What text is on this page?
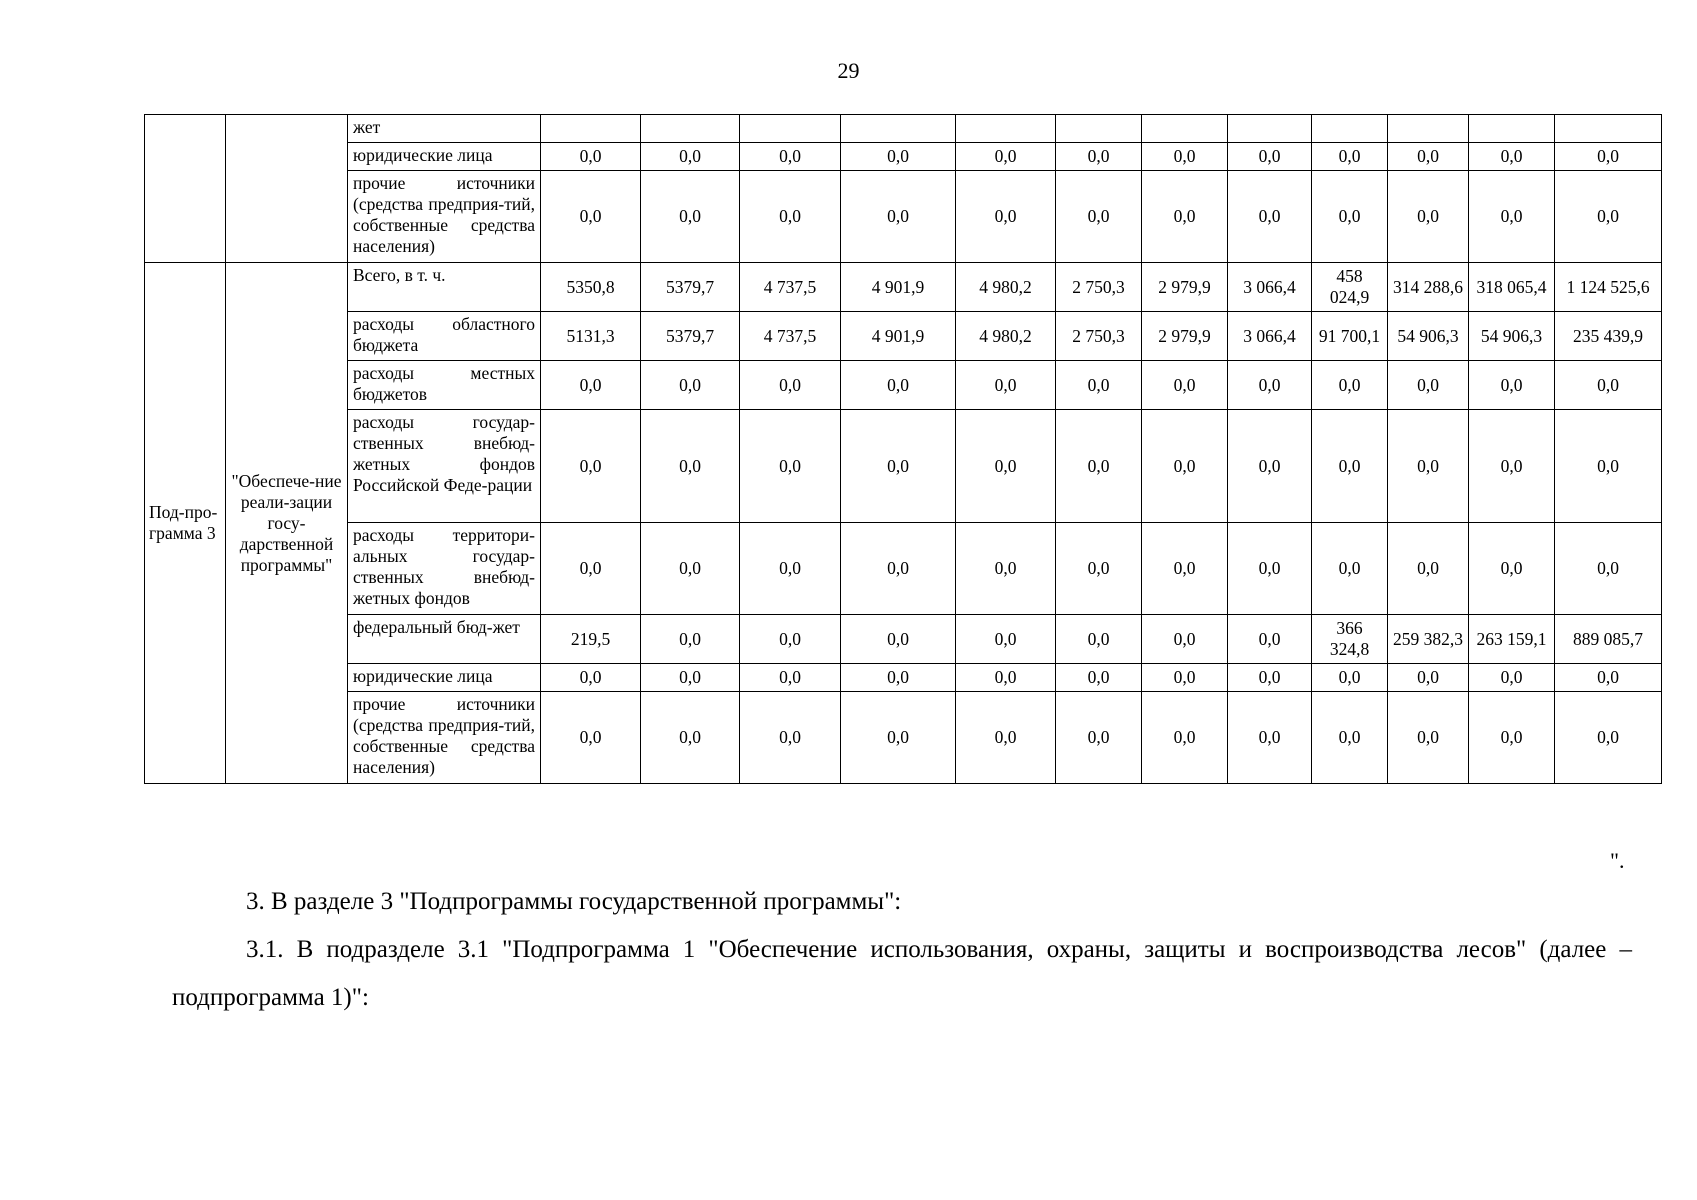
29
		жет												
		юридические лица	0,0	0,0	0,0	0,0	0,0	0,0	0,0	0,0	0,0	0,0	0,0	0,0
		прочие источники (средства предприя-тий, собственные средства населения)	0,0	0,0	0,0	0,0	0,0	0,0	0,0	0,0	0,0	0,0	0,0	0,0
Под-про-грамма 3	"Обеспече-ние реали-зации госу-дарственной программы"	Всего, в т. ч.	5350,8	5379,7	4 737,5	4 901,9	4 980,2	2 750,3	2 979,9	3 066,4	458 024,9	314 288,6	318 065,4	1 124 525,6
		расходы областного бюджета	5131,3	5379,7	4 737,5	4 901,9	4 980,2	2 750,3	2 979,9	3 066,4	91 700,1	54 906,3	54 906,3	235 439,9
		расходы местных бюджетов	0,0	0,0	0,0	0,0	0,0	0,0	0,0	0,0	0,0	0,0	0,0	0,0
		расходы государ-ственных внебюд-жетных фондов Российской Феде-рации	0,0	0,0	0,0	0,0	0,0	0,0	0,0	0,0	0,0	0,0	0,0	0,0
		расходы территори-альных государ-ственных внебюд-жетных фондов	0,0	0,0	0,0	0,0	0,0	0,0	0,0	0,0	0,0	0,0	0,0	0,0
		федеральный бюд-жет	219,5	0,0	0,0	0,0	0,0	0,0	0,0	0,0	366 324,8	259 382,3	263 159,1	889 085,7
		юридические лица	0,0	0,0	0,0	0,0	0,0	0,0	0,0	0,0	0,0	0,0	0,0	0,0
		прочие источники (средства предприя-тий, собственные средства населения)	0,0	0,0	0,0	0,0	0,0	0,0	0,0	0,0	0,0	0,0	0,0	0,0
".
3. В разделе 3 "Подпрограммы государственной программы":
3.1. В подразделе 3.1 "Подпрограмма 1 "Обеспечение использования, охраны, защиты и воспроизводства лесов" (далее – подпрограмма 1)":
